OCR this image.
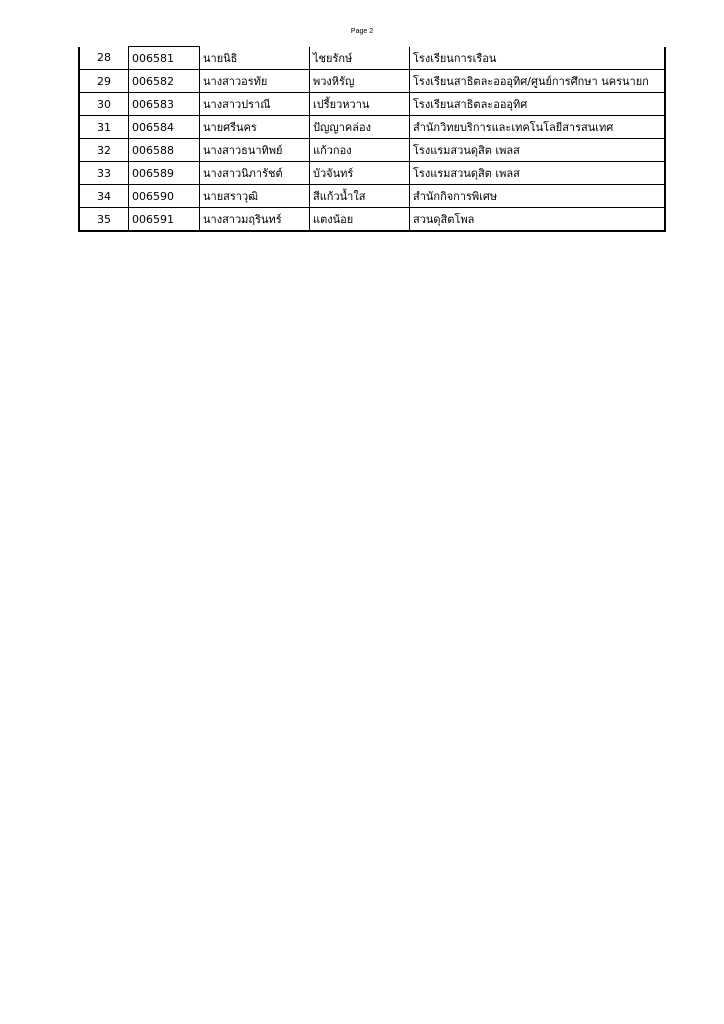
Page 2
28	006581	นายนิธิ	ไชยรักษ์	โรงเรียนการเรือน
29	006582	นางสาวอรทัย	พวงหิรัญ	โรงเรียนสาธิตละอออุทิศ/ศูนย์การศึกษา นครนายก
30	006583	นางสาวปราณี	เปรี้ยวหวาน	โรงเรียนสาธิตละอออุทิศ
31	006584	นายศรีนคร	ปัญญาคล่อง	สำนักวิทยบริการและเทคโนโลยีสารสนเทศ
32	006588	นางสาวธนาทิพย์	แก้วกอง	โรงแรมสวนดุสิต เพลส
33	006589	นางสาวนิภารัชต์	บัวจันทร์	โรงแรมสวนดุสิต เพลส
34	006590	นายสราวุฒิ	สีแก้วน้ำใส	สำนักกิจการพิเศษ
35	006591	นางสาวมฤรินทร์	แตงน้อย	สวนดุสิตโพล
